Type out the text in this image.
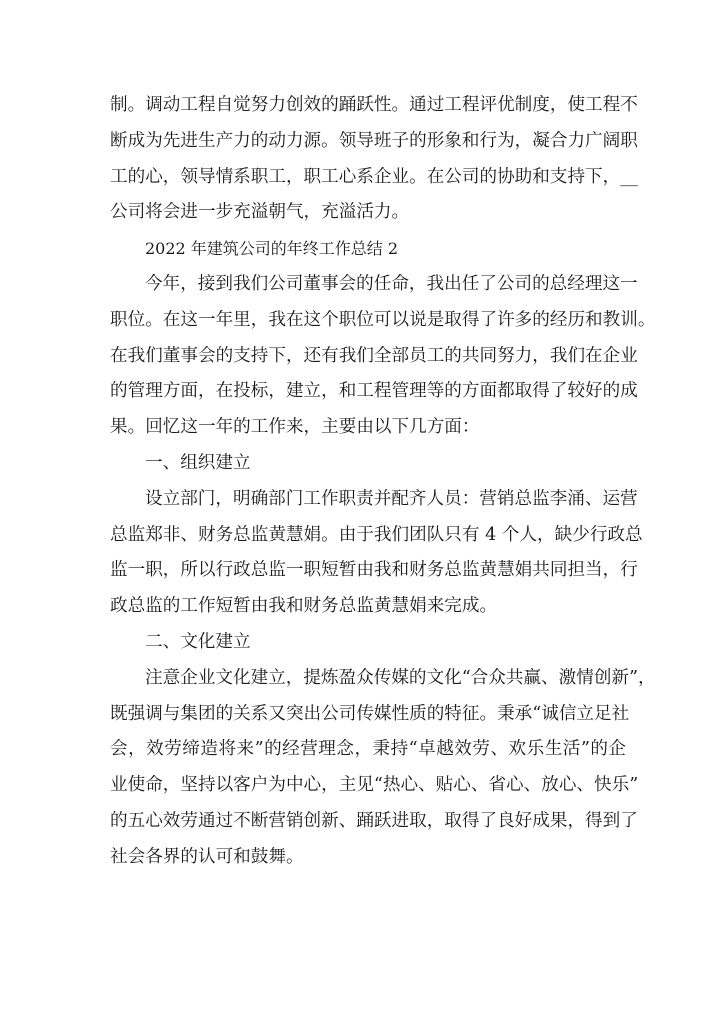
制。调动工程自觉努力创效的踊跃性。通过工程评优制度，使工程不
断成为先进生产力的动力源。领导班子的形象和行为，凝合力广阔职
工的心，领导情系职工，职工心系企业。在公司的协助和支持下，__
公司将会进一步充溢朝气，充溢活力。
2022 年建筑公司的年终工作总结 2
今年，接到我们公司董事会的任命，我出任了公司的总经理这一
职位。在这一年里，我在这个职位可以说是取得了许多的经历和教训。
在我们董事会的支持下，还有我们全部员工的共同努力，我们在企业
的管理方面，在投标，建立，和工程管理等的方面都取得了较好的成
果。回忆这一年的工作来，主要由以下几方面：
一、组织建立
设立部门，明确部门工作职责并配齐人员：营销总监李涌、运营
总监郑非、财务总监黄慧娟。由于我们团队只有 4 个人，缺少行政总
监一职，所以行政总监一职短暂由我和财务总监黄慧娟共同担当，行
政总监的工作短暂由我和财务总监黄慧娟来完成。
二、文化建立
注意企业文化建立，提炼盈众传媒的文化“合众共赢、激情创新”，
既强调与集团的关系又突出公司传媒性质的特征。秉承“诚信立足社
会，效劳缔造将来”的经营理念，秉持“卓越效劳、欢乐生活”的企
业使命，坚持以客户为中心，主见“热心、贴心、省心、放心、快乐”
的五心效劳通过不断营销创新、踊跃进取，取得了良好成果，得到了
社会各界的认可和鼓舞。
